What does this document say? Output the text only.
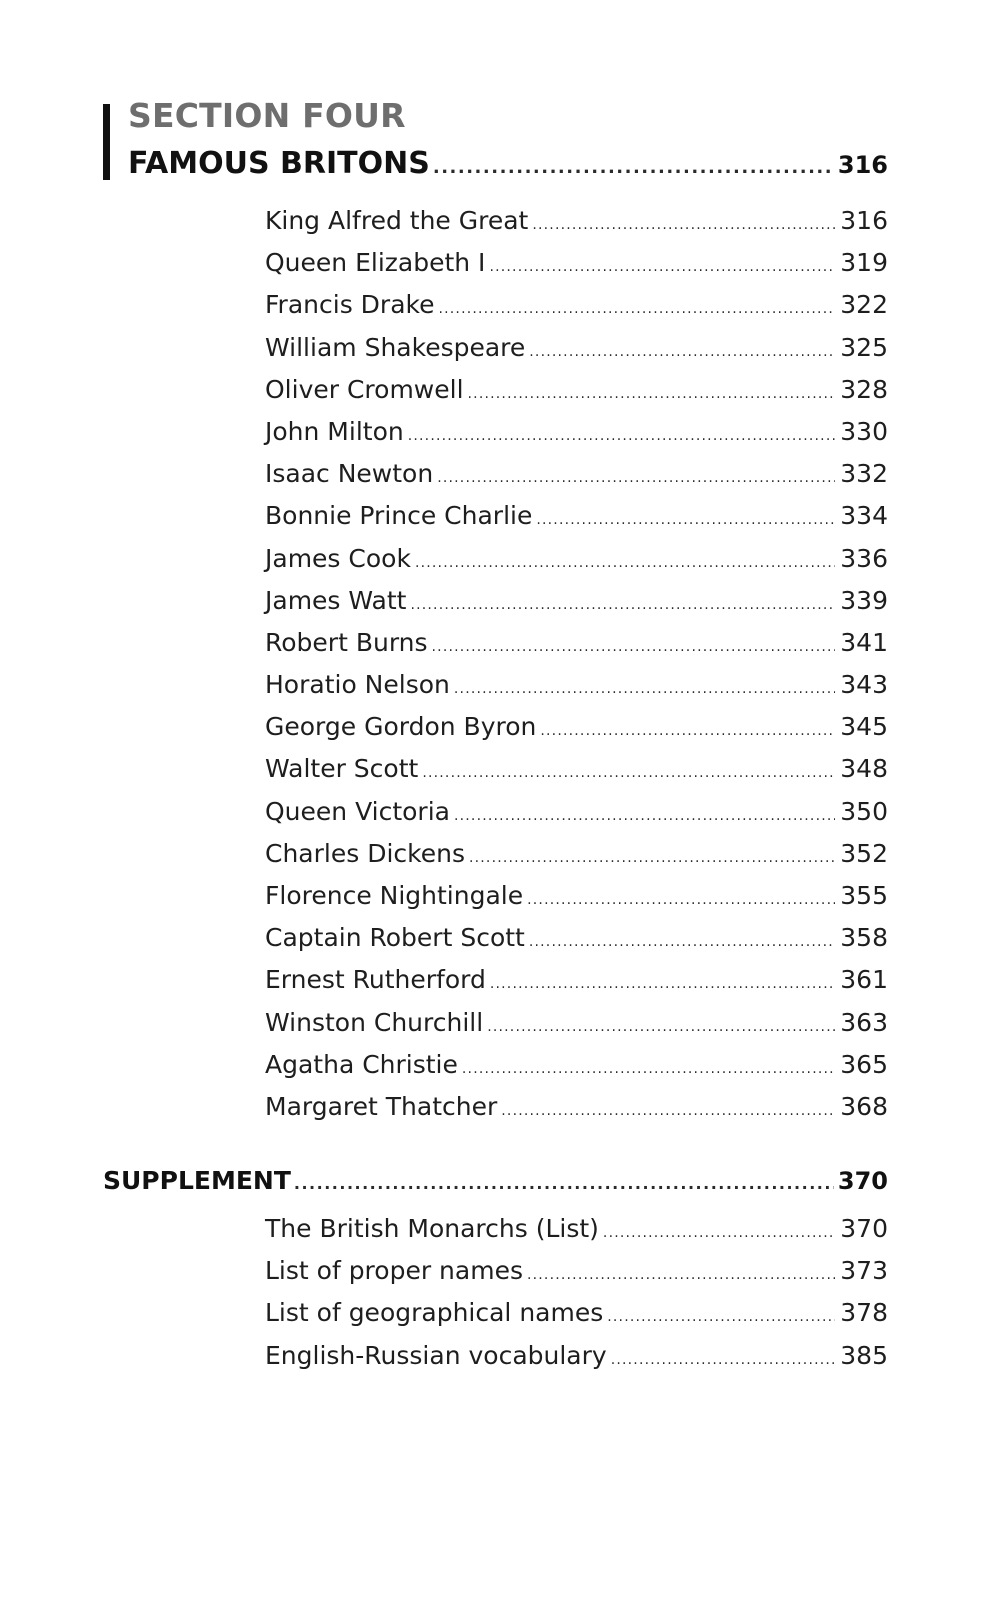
SECTION FOUR
FAMOUS BRITONS .....	316
King Alfred the Great .....	316
Queen Elizabeth I .....	319
Francis Drake .....	322
William Shakespeare .....	325
Oliver Cromwell .....	328
John Milton .....	330
Isaac Newton .....	332
Bonnie Prince Charlie .....	334
James Cook .....	336
James Watt .....	339
Robert Burns .....	341
Horatio Nelson .....	343
George Gordon Byron .....	345
Walter Scott .....	348
Queen Victoria .....	350
Charles Dickens .....	352
Florence Nightingale .....	355
Captain Robert Scott .....	358
Ernest Rutherford .....	361
Winston Churchill .....	363
Agatha Christie .....	365
Margaret Thatcher .....	368
SUPPLEMENT .....	370
The British Monarchs (List) .....	370
List of proper names .....	373
List of geographical names .....	378
English-Russian vocabulary .....	385
